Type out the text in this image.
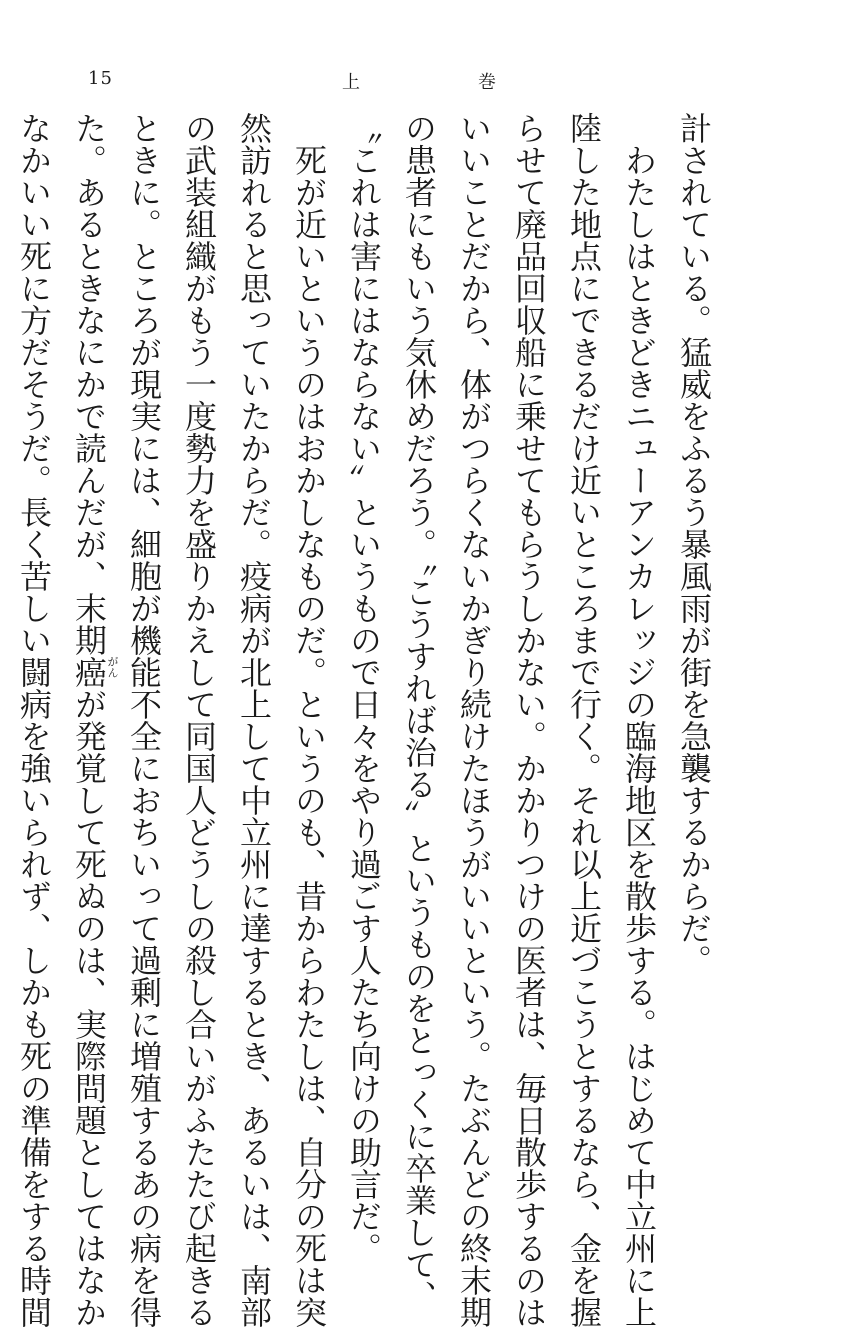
15	上	巻
計されている。猛威をふるう暴風雨が街を急襲するからだ。
わたしはときどきニューアンカレッジの臨海地区を散歩する。はじめて中立州に上
陸した地点にできるだけ近いところまで行く。それ以上近づこうとするなら、金を握
らせて廃品回収船に乗せてもらうしかない。かかりつけの医者は、毎日散歩するのは
いいことだから、体がつらくないかぎり続けたほうがいいという。たぶんどの終末期
の患者にもいう気休めだろう。〝こうすれば治る〟というものをとっくに卒業して、
〝これは害にはならない〟というもので日々をやり過ごす人たち向けの助言だ。
死が近いというのはおかしなものだ。というのも、昔からわたしは、自分の死は突
然訪れると思っていたからだ。疫病が北上して中立州に達するとき、あるいは、南部
の武装組織がもう一度勢力を盛りかえして同国人どうしの殺し合いがふたたび起きる
ときに。ところが現実には、細胞が機能不全におちいって過剰に増殖するあの病を得
た。あるときなにかで読んだが、末期癌
がん
が発覚して死ぬのは、実際問題としてはなか
なかいい死に方だそうだ。長く苦しい闘病を強いられず、しかも死の準備をする時間
